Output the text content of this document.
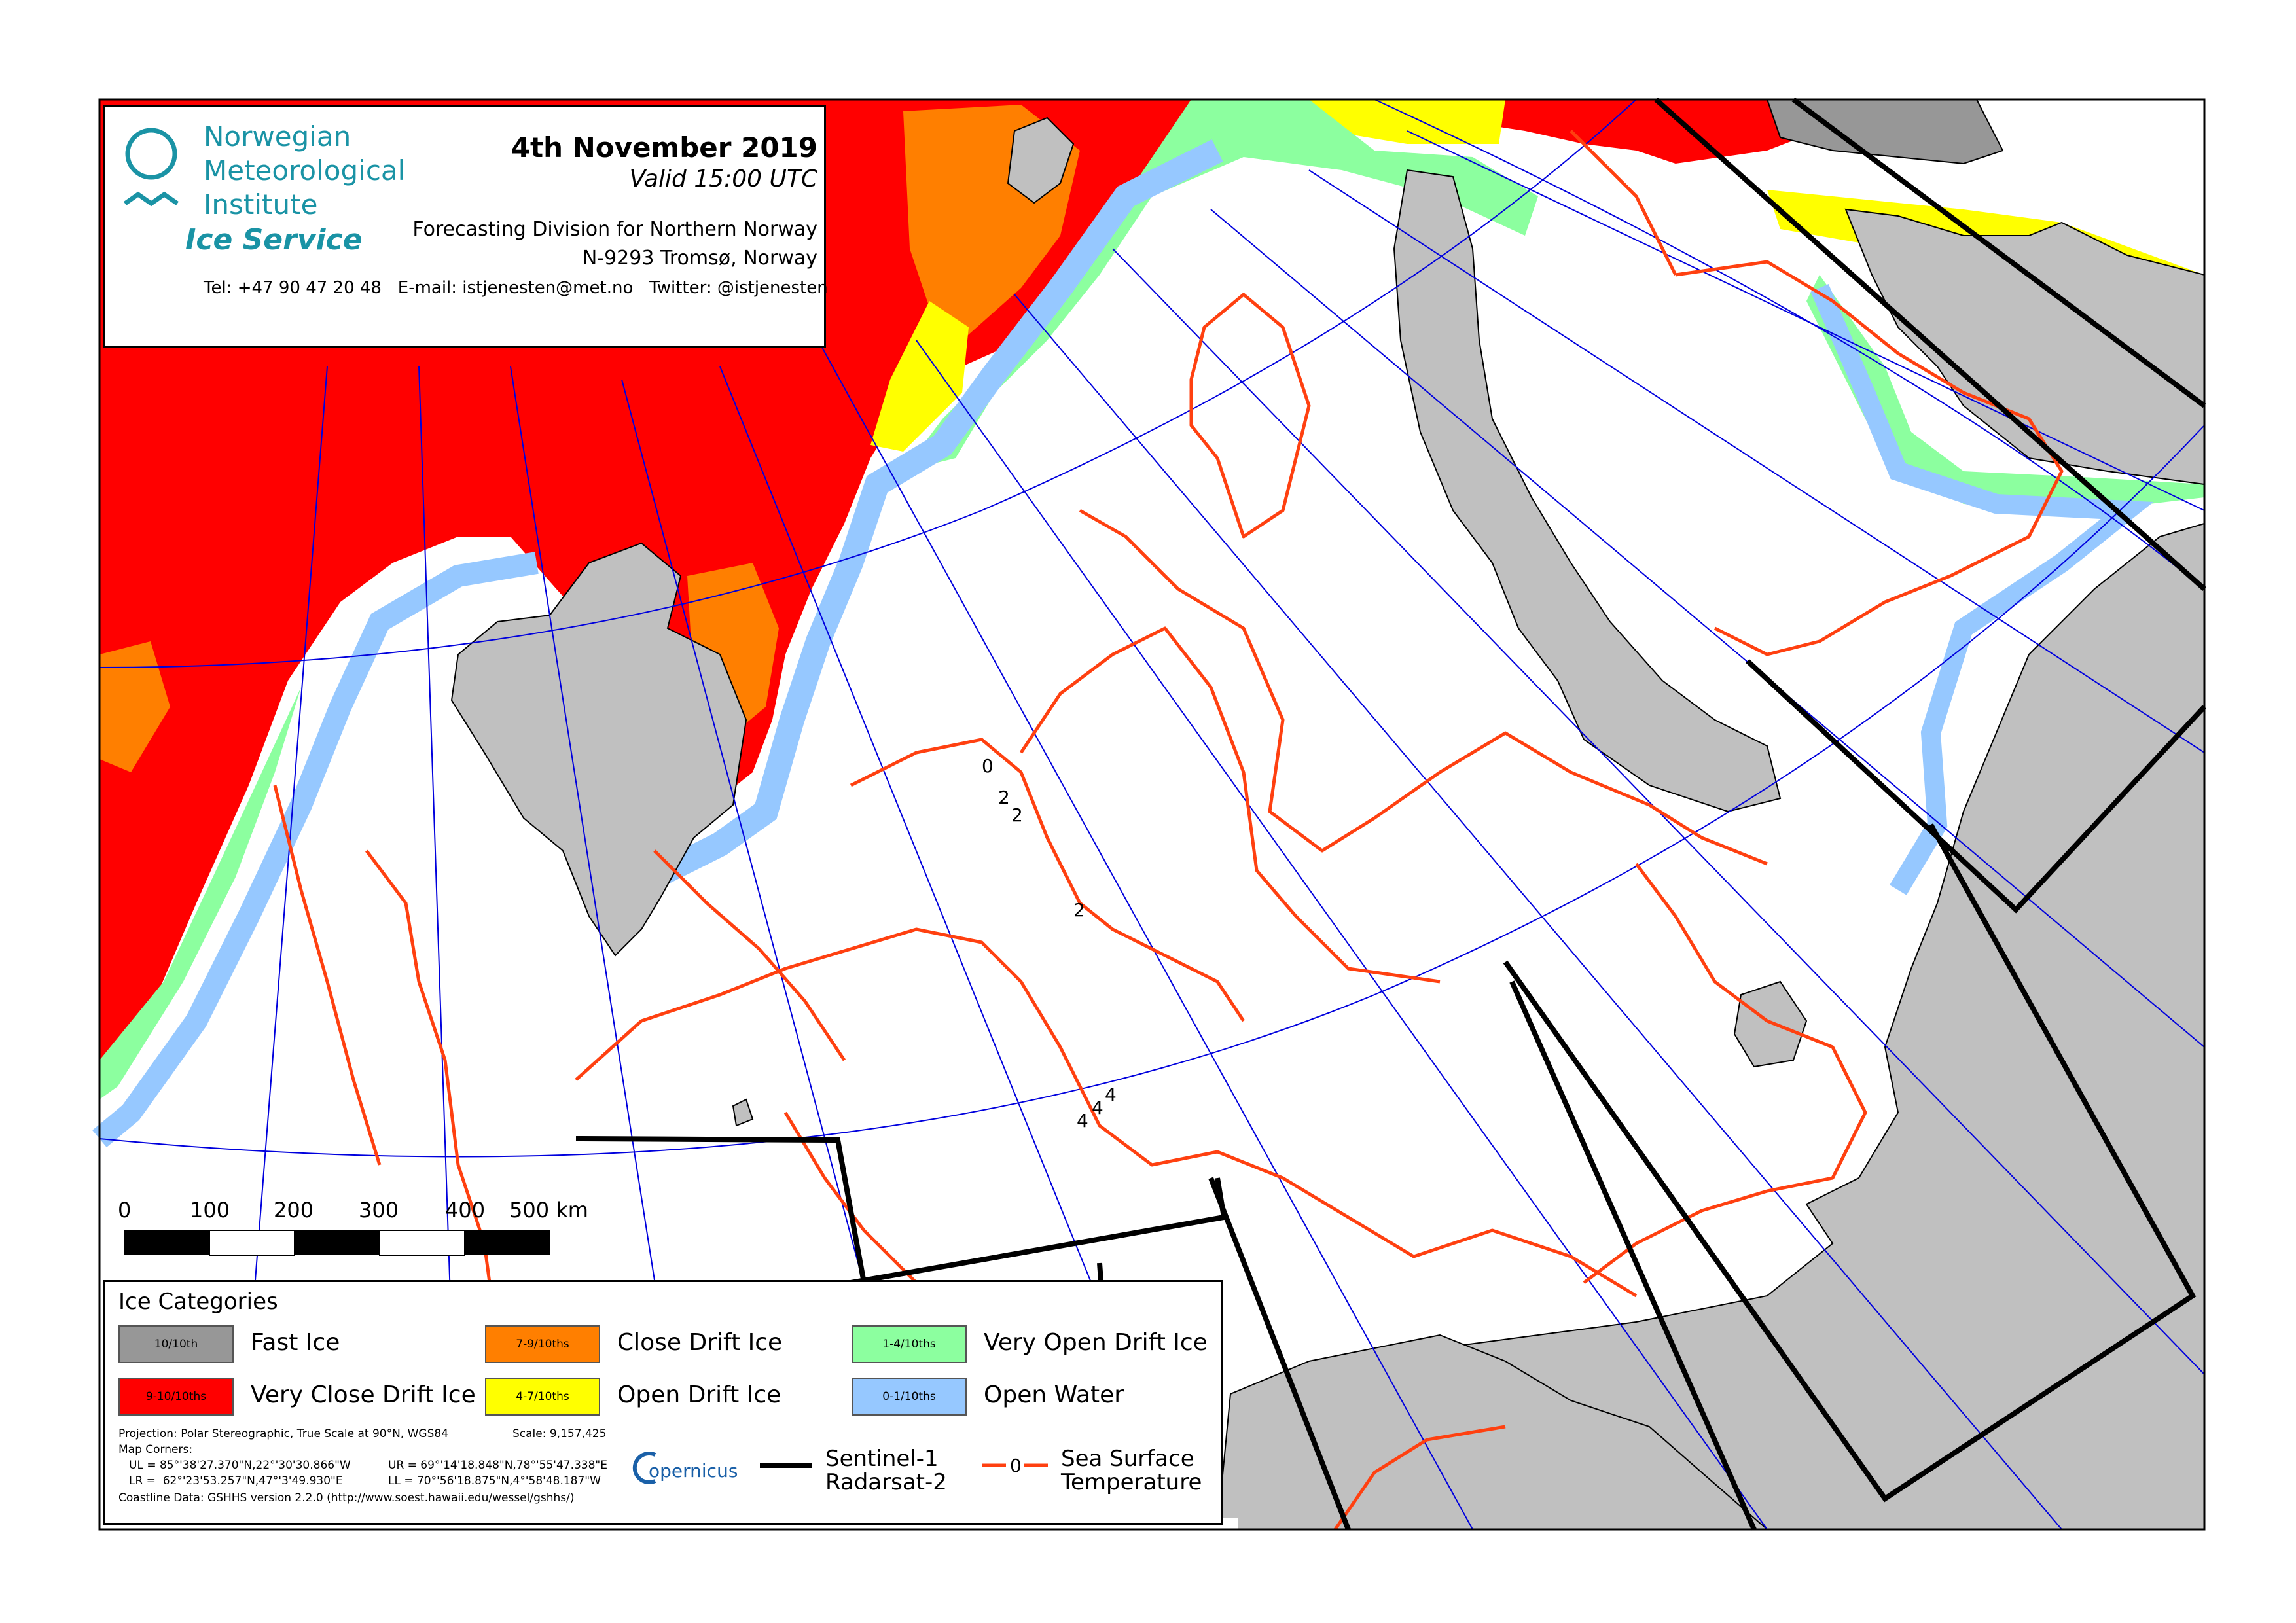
0
2
2
2
4
4
4
0	100 200 300 400 500 km
Norwegian
Meteorological
Institute
Ice Service
4th November 2019
Valid 15:00 UTC
Forecasting Division for Northern Norway
N-9293 Tromsø, Norway
Tel: +47 90 47 20 48   E-mail: istjenesten@met.no   Twitter: @istjenesten
Ice Categories
10/10th Fast Ice	7-9/10ths Close Drift Ice	1-4/10ths Very Open Drift Ice
9-10/10ths Very Close Drift Ice	4-7/10ths Open Drift Ice	0-1/10ths Open Water
Projection: Polar Stereographic, True Scale at 90°N, WGS84	Scale: 9,157,425
Map Corners:
UL = 85°'38'27.370"N,22°'30'30.866"W	UR = 69°'14'18.848"N,78°'55'47.338"E
LR =  62°'23'53.257"N,47°'3'49.930"E	LL = 70°'56'18.875"N,4°'58'48.187"W
Coastline Data: GSHHS version 2.2.0 (http://www.soest.hawaii.edu/wessel/gshhs/)
opernicus	Sentinel-1
Radarsat-2
0 Sea Surface
Temperature
